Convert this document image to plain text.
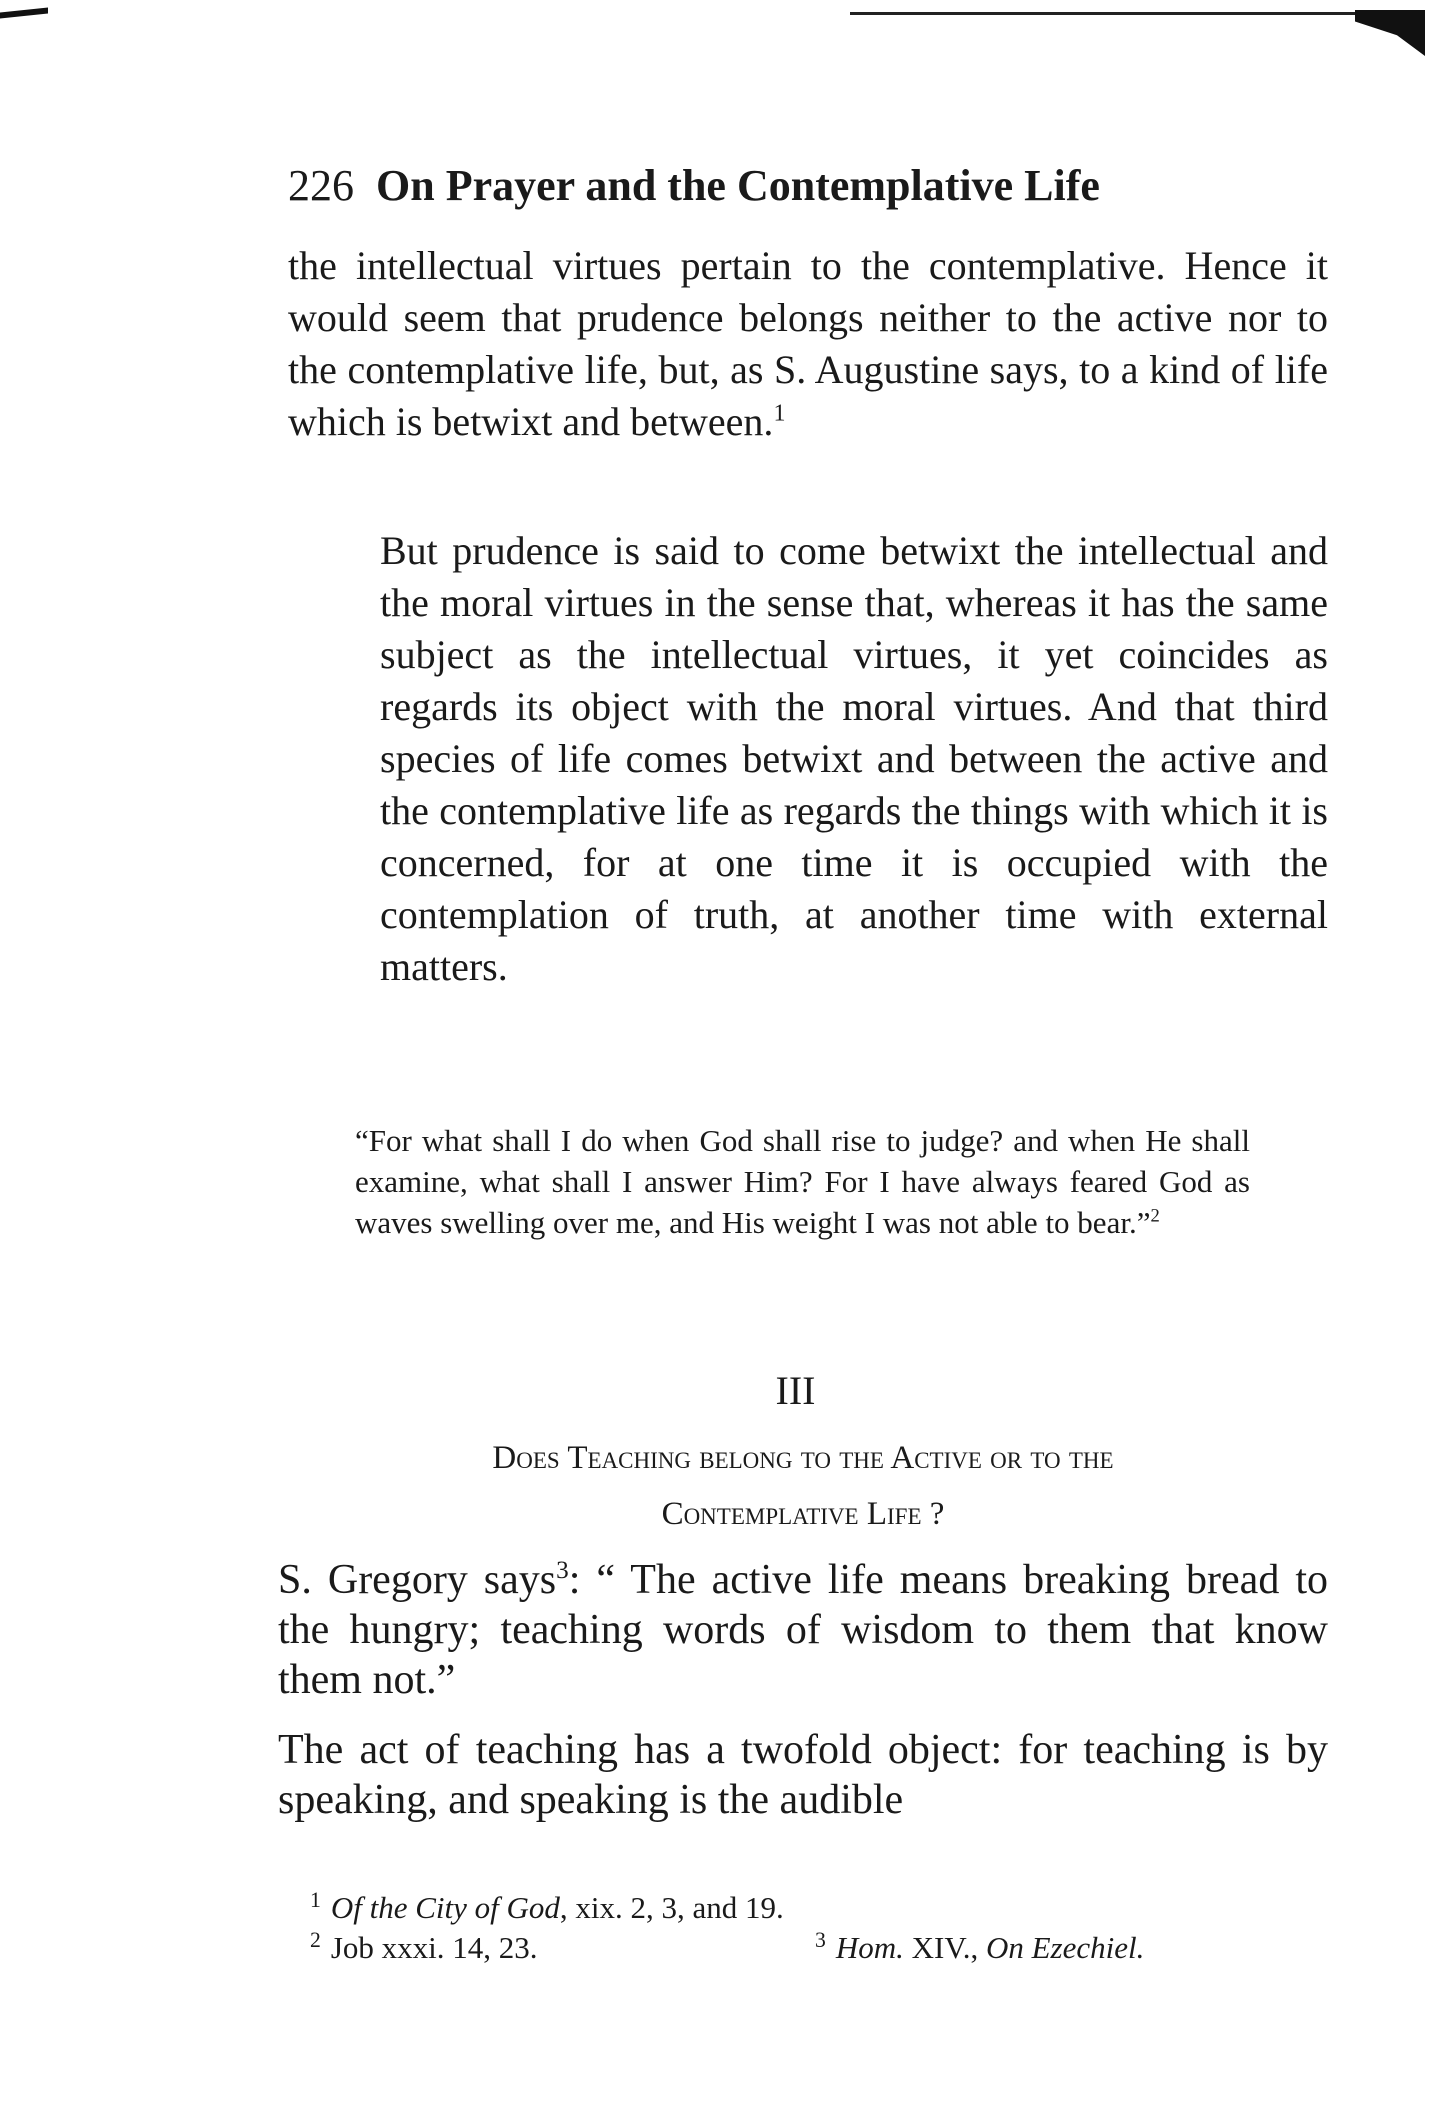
226 On Prayer and the Contemplative Life

the intellectual virtues pertain to the contemplative. Hence it would seem that prudence belongs neither to the active nor to the contemplative life, but, as S. Augustine says, to a kind of life which is betwixt and between.$^1$

But prudence is said to come betwixt the intellectual and the moral virtues in the sense that, whereas it has the same subject as the intellectual virtues, it yet coincides as regards its object with the moral virtues. And that third species of life comes betwixt and between the active and the contemplative life as regards the things with which it is concerned, for at one time it is occupied with the contemplation of truth, at another time with external matters.

“For what shall I do when God shall rise to judge? and when He shall examine, what shall I answer Him? For I have always feared God as waves swelling over me, and His weight I was not able to bear.”$^2$

III
Does Teaching belong to the Active or to the
Contemplative Life ?

S. Gregory says$^3$: “ The active life means breaking bread to the hungry; teaching words of wisdom to them that know them not.”

The act of teaching has a twofold object: for teaching is by speaking, and speaking is the audible

$^1$ Of the City of God, xix. 2, 3, and 19.
$^2$ Job xxxi. 14, 23.	$^3$ Hom. XIV., On Ezechiel.
